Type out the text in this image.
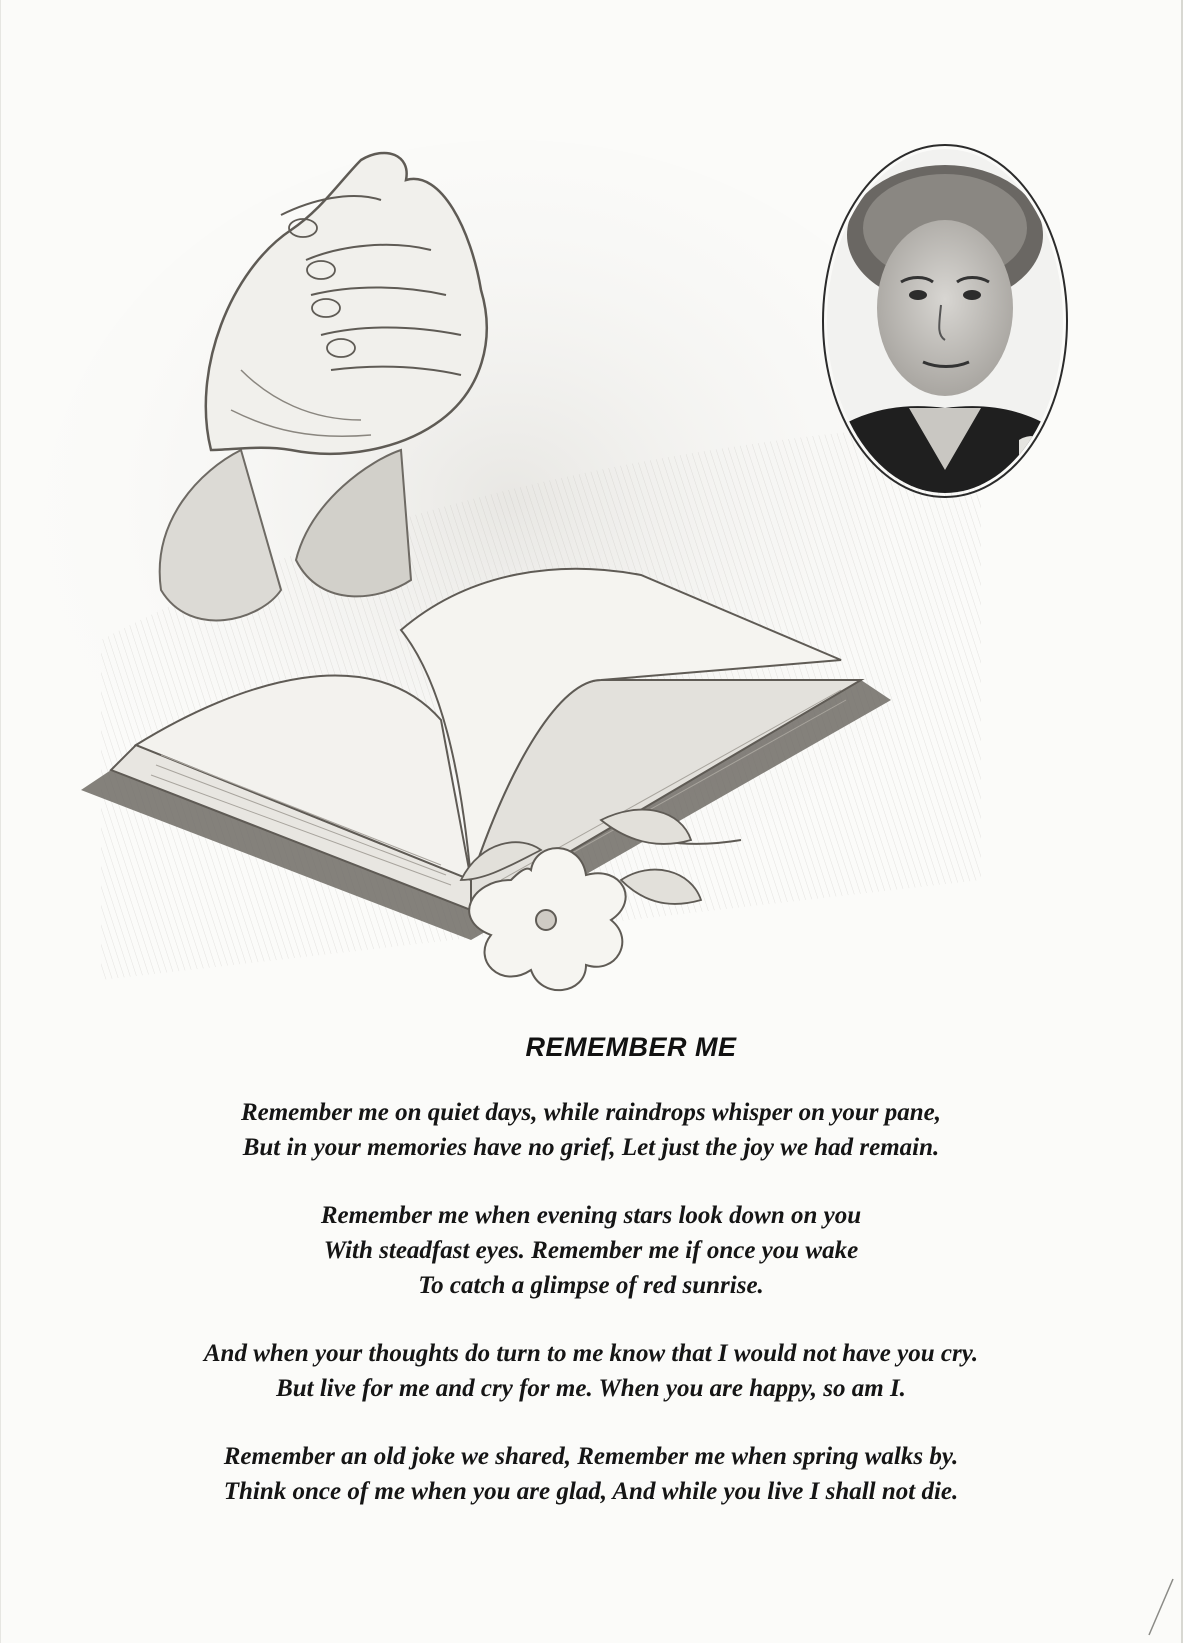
REMEMBER ME
Remember me on quiet days, while raindrops whisper on your pane,
But in your memories have no grief, Let just the joy we had remain.
Remember me when evening stars look down on you
With steadfast eyes. Remember me if once you wake
To catch a glimpse of red sunrise.
And when your thoughts do turn to me know that I would not have you cry.
But live for me and cry for me. When you are happy, so am I.
Remember an old joke we shared, Remember me when spring walks by.
Think once of me when you are glad, And while you live I shall not die.
